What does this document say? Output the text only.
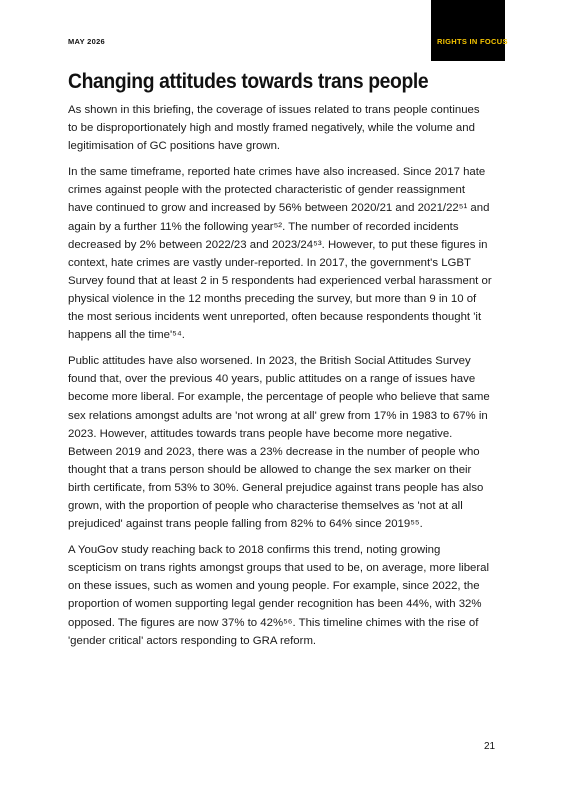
MAY 2026	RIGHTS IN FOCUS
Changing attitudes towards trans people

As shown in this briefing, the coverage of issues related to trans people continues to be disproportionately high and mostly framed negatively, while the volume and legitimisation of GC positions have grown.

In the same timeframe, reported hate crimes have also increased. Since 2017 hate crimes against people with the protected characteristic of gender reassignment have continued to grow and increased by 56% between 2020/21 and 2021/22⁵¹ and again by a further 11% the following year⁵². The number of recorded incidents decreased by 2% between 2022/23 and 2023/24⁵³. However, to put these figures in context, hate crimes are vastly under-reported. In 2017, the government's LGBT Survey found that at least 2 in 5 respondents had experienced verbal harassment or physical violence in the 12 months preceding the survey, but more than 9 in 10 of the most serious incidents went unreported, often because respondents thought 'it happens all the time'⁵⁴.

Public attitudes have also worsened. In 2023, the British Social Attitudes Survey found that, over the previous 40 years, public attitudes on a range of issues have become more liberal. For example, the percentage of people who believe that same sex relations amongst adults are 'not wrong at all' grew from 17% in 1983 to 67% in 2023. However, attitudes towards trans people have become more negative. Between 2019 and 2023, there was a 23% decrease in the number of people who thought that a trans person should be allowed to change the sex marker on their birth certificate, from 53% to 30%. General prejudice against trans people has also grown, with the proportion of people who characterise themselves as 'not at all prejudiced' against trans people falling from 82% to 64% since 2019⁵⁵.

A YouGov study reaching back to 2018 confirms this trend, noting growing scepticism on trans rights amongst groups that used to be, on average, more liberal on these issues, such as women and young people. For example, since 2022, the proportion of women supporting legal gender recognition has been 44%, with 32% opposed. The figures are now 37% to 42%⁵⁶. This timeline chimes with the rise of 'gender critical' actors responding to GRA reform.

21
